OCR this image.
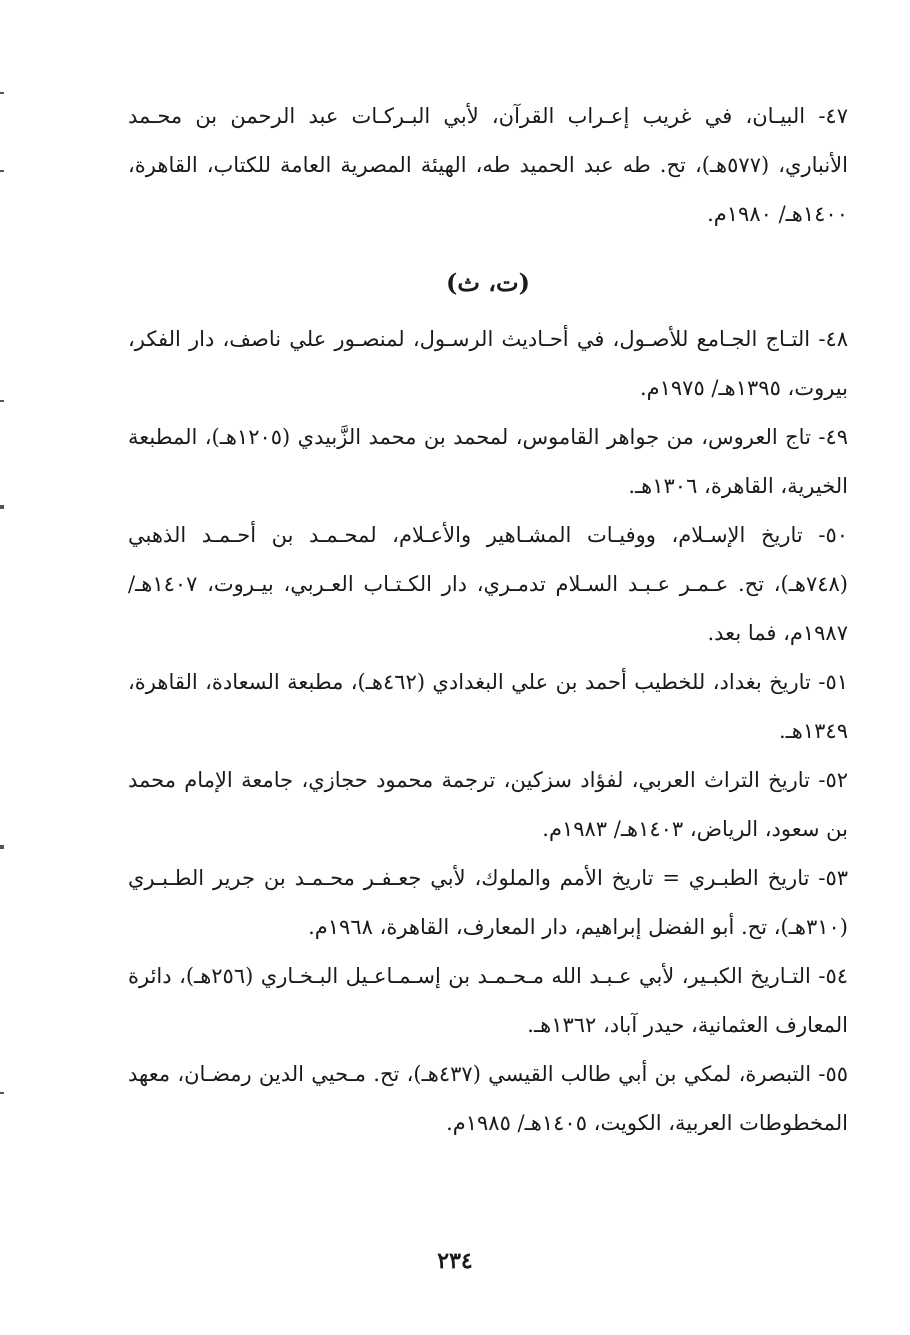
٤٧- البيـان، في غريب إعـراب القرآن، لأبي البـركـات عبد الرحمن بن محـمد الأنباري، (٥٧٧هـ)، تح. طه عبد الحميد طه، الهيئة المصرية العامة للكتاب، القاهرة، ١٤٠٠هـ/ ١٩٨٠م.
(ت، ث)
٤٨- التـاج الجـامع للأصـول، في أحـاديث الرسـول، لمنصـور علي ناصف، دار الفكر، بيروت، ١٣٩٥هـ/ ١٩٧٥م.
٤٩- تاج العروس، من جواهر القاموس، لمحمد بن محمد الزَّبيدي (١٢٠٥هـ)، المطبعة الخيرية، القاهرة، ١٣٠٦هـ.
٥٠- تاريخ الإسـلام، ووفيـات المشـاهير والأعـلام، لمحـمـد بن أحـمـد الذهبي (٧٤٨هـ)، تح. عـمـر عـبـد السـلام تدمـري، دار الكـتـاب العـربي، بيـروت، ١٤٠٧هـ/ ١٩٨٧م، فما بعد.
٥١- تاريخ بغداد، للخطيب أحمد بن علي البغدادي (٤٦٢هـ)، مطبعة السعادة، القاهرة، ١٣٤٩هـ.
٥٢- تاريخ التراث العربي، لفؤاد سزكين، ترجمة محمود حجازي، جامعة الإمام محمد بن سعود، الرياض، ١٤٠٣هـ/ ١٩٨٣م.
٥٣- تاريخ الطبـري = تاريخ الأمم والملوك، لأبي جعـفـر محـمـد بن جرير الطـبـري (٣١٠هـ)، تح. أبو الفضل إبراهيم، دار المعارف، القاهرة، ١٩٦٨م.
٥٤- التـاريخ الكبـير، لأبي عـبـد الله مـحـمـد بن إسـمـاعـيل البـخـاري (٢٥٦هـ)، دائرة المعارف العثمانية، حيدر آباد، ١٣٦٢هـ.
٥٥- التبصرة، لمكي بن أبي طالب القيسي (٤٣٧هـ)، تح. مـحيي الدين رمضـان، معهد المخطوطات العربية، الكويت، ١٤٠٥هـ/ ١٩٨٥م.
٢٣٤
